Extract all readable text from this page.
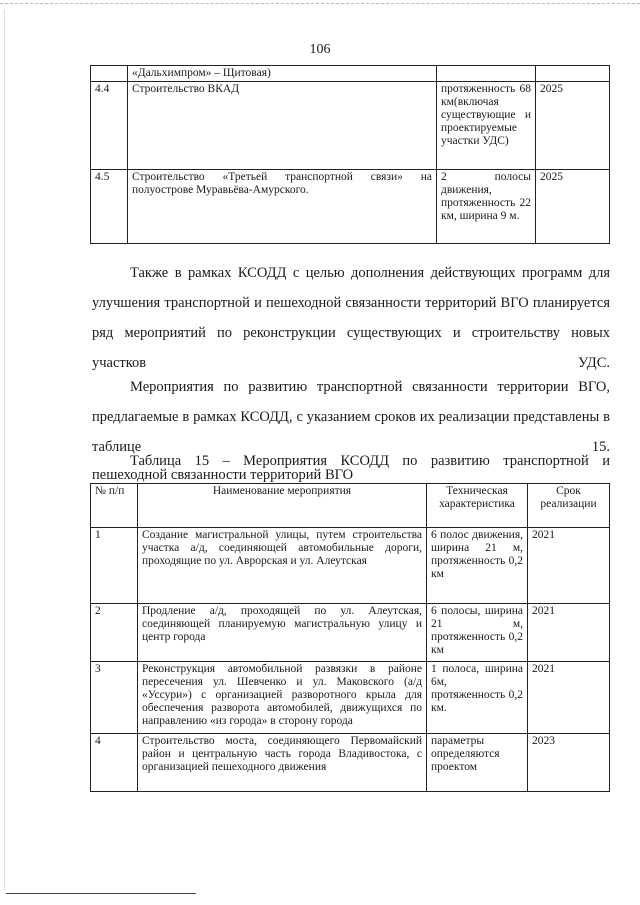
106
	«Дальхимпром» – Щитовая)		
4.4	Строительство ВКАД	протяженность 68 км(включая существующие и проектируемые участки УДС)	2025
4.5	Строительство «Третьей транспортной связи» на полуострове Муравьёва-Амурского.	2 полосы движения, протяженность 22 км, ширина 9 м.	2025

Также в рамках КСОДД с целью дополнения действующих программ для улучшения транспортной и пешеходной связанности территорий ВГО планируется ряд мероприятий по реконструкции существующих и строительству новых участков УДС.

Мероприятия по развитию транспортной связанности территории ВГО, предлагаемые в рамках КСОДД, с указанием сроков их реализации представлены в таблице 15.

Таблица 15 – Мероприятия КСОДД по развитию транспортной и пешеходной связанности территорий ВГО

№ п/п	Наименование мероприятия	Техническая характеристика	Срок реализации
1	Создание магистральной улицы, путем строительства участка а/д, соединяющей автомобильные дороги, проходящие по ул. Аврорская и ул. Алеутская	6 полос движения, ширина 21 м, протяженность 0,2 км	2021
2	Продление а/д, проходящей по ул. Алеутская, соединяющей планируемую магистральную улицу и центр города	6 полосы, ширина 21 м, протяженность 0,2 км	2021
3	Реконструкция автомобильной развязки в районе пересечения ул. Шевченко и ул. Маковского (а/д «Уссури») с организацией разворотного крыла для обеспечения разворота автомобилей, движущихся по направлению «из города» в сторону города	1 полоса, ширина 6м, протяженность 0,2 км.	2021
4	Строительство моста, соединяющего Первомайский район и центральную часть города Владивостока, с организацией пешеходного движения	параметры определяются проектом	2023
